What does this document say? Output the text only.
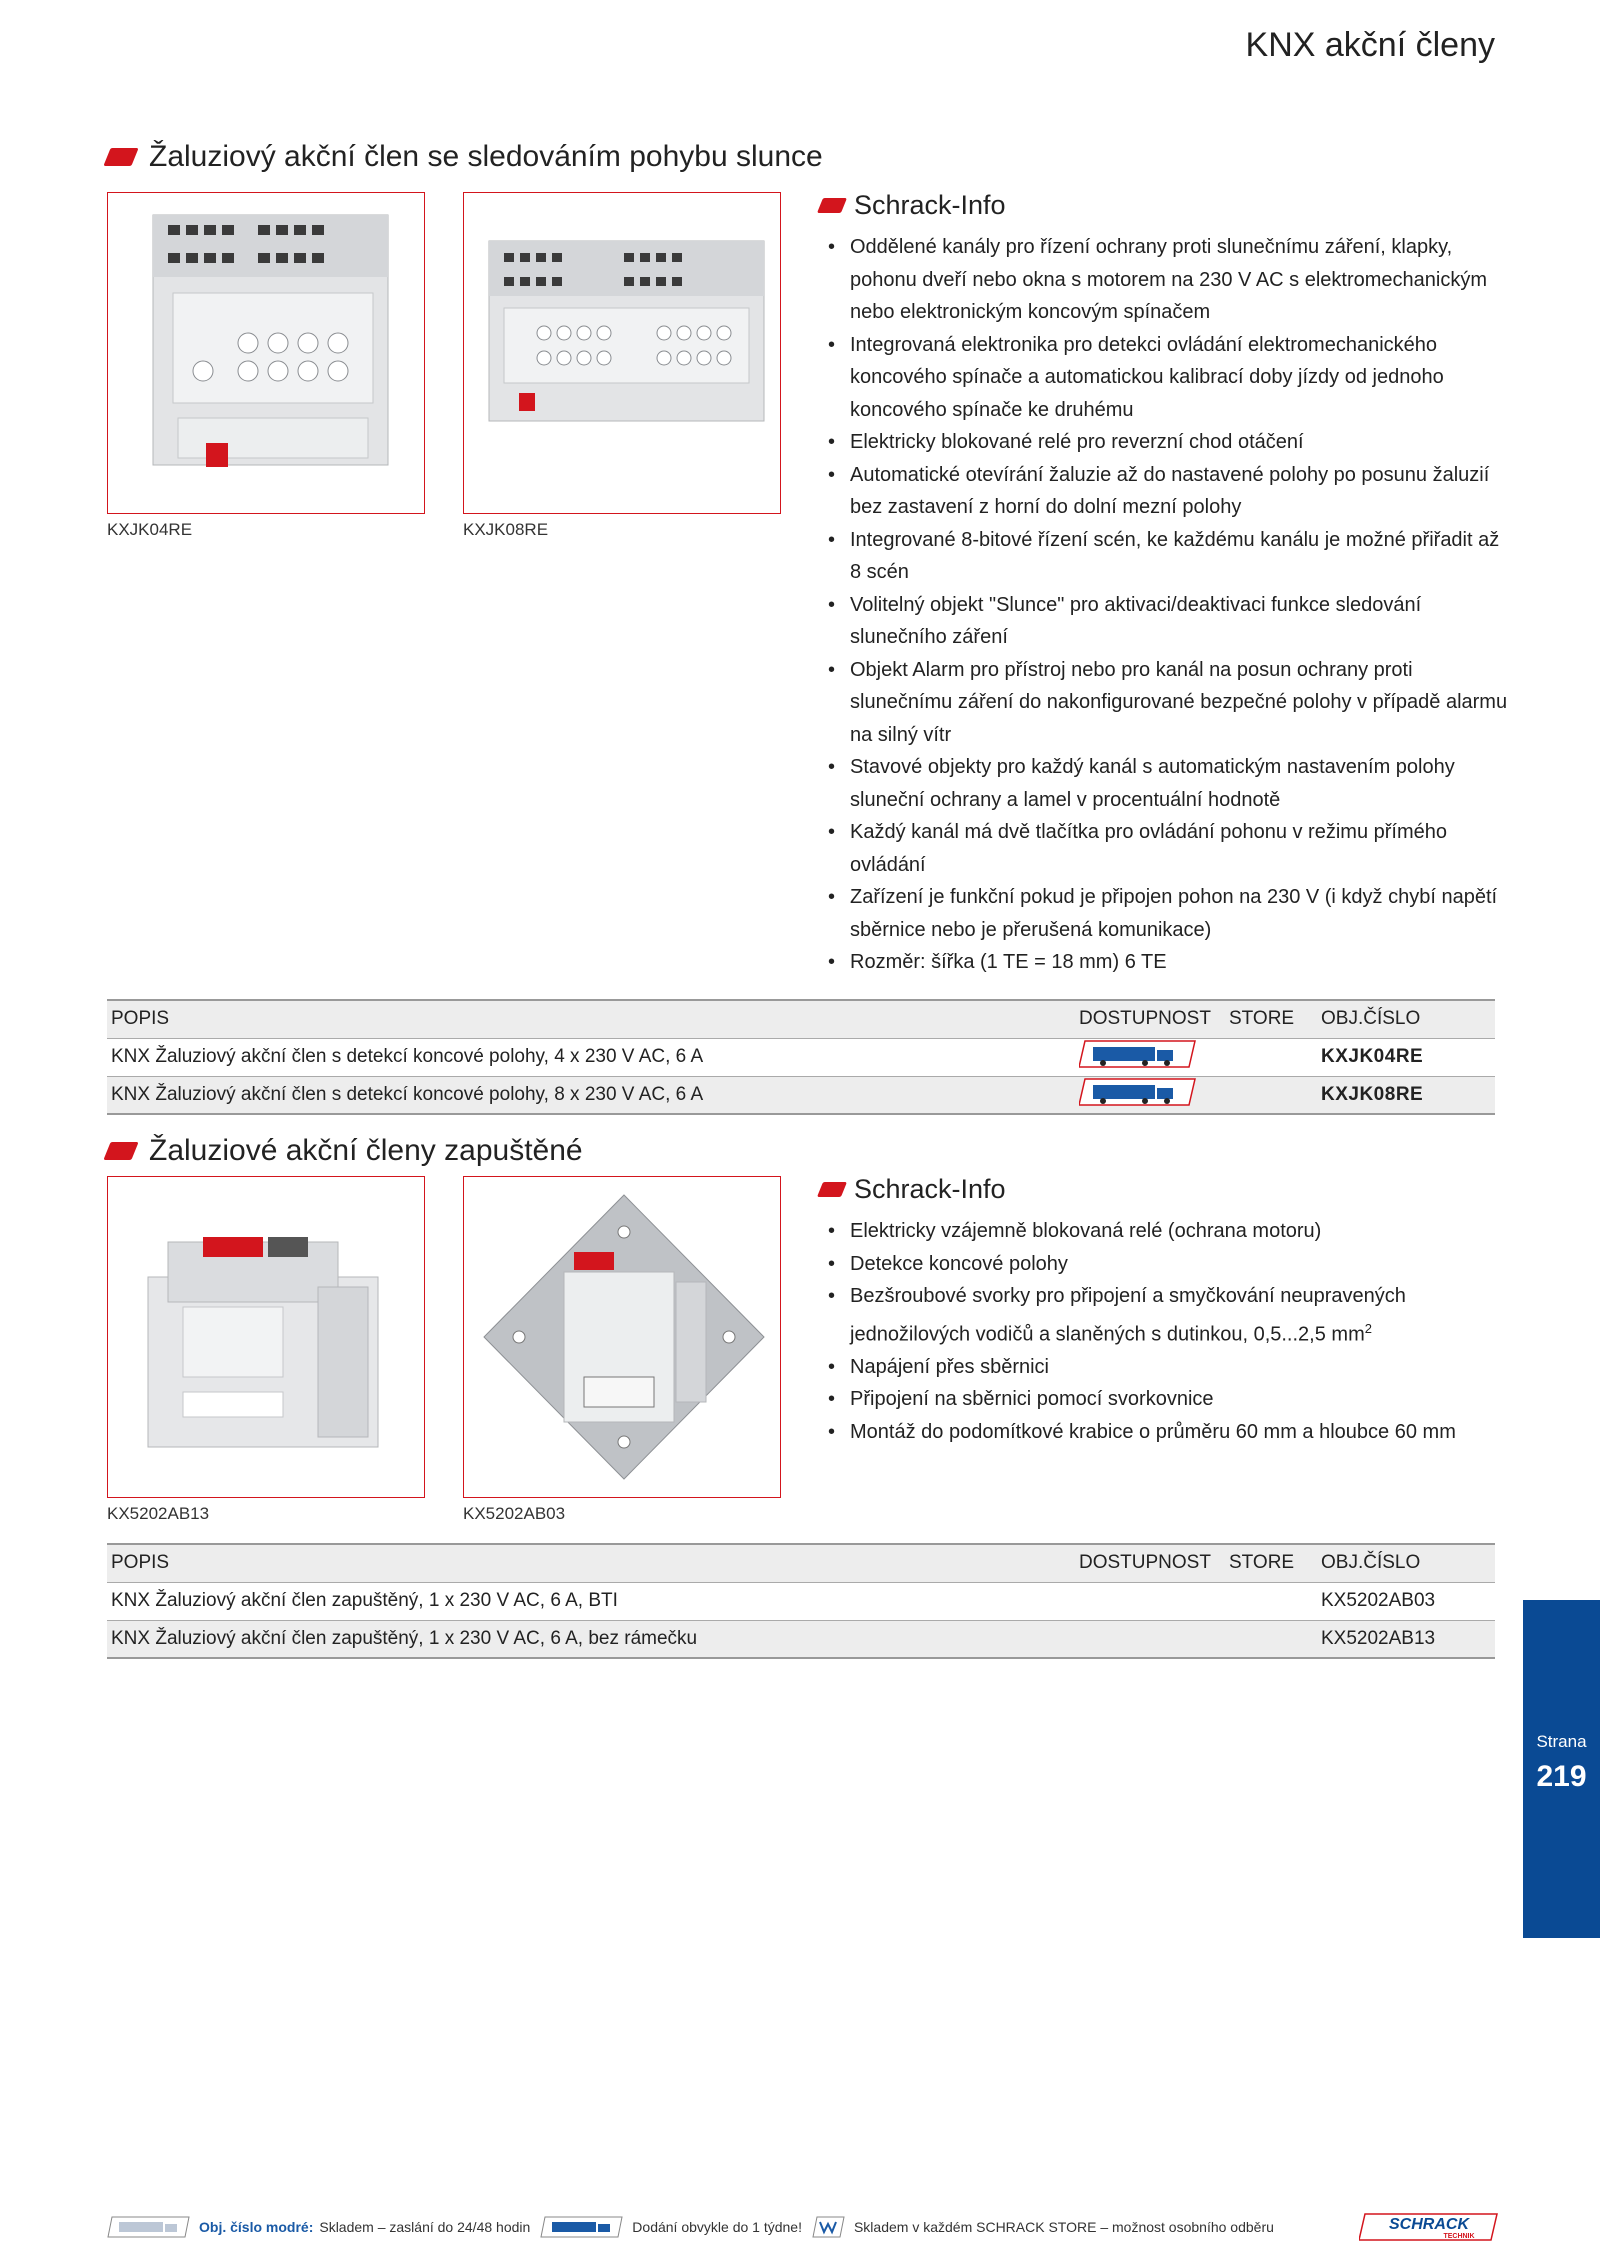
KNX akční členy
Žaluziový akční člen se sledováním pohybu slunce
KXJK04RE	KXJK08RE
Schrack-Info
• Oddělené kanály pro řízení ochrany proti slunečnímu záření, klapky, pohonu dveří nebo okna s motorem na 230 V AC s elektromechanickým nebo elektronickým koncovým spínačem
• Integrovaná elektronika pro detekci ovládání elektromechanického koncového spínače a automatickou kalibrací doby jízdy od jednoho koncového spínače ke druhému
• Elektricky blokované relé pro reverzní chod otáčení
• Automatické otevírání žaluzie až do nastavené polohy po posunu žaluzií bez zastavení z horní do dolní mezní polohy
• Integrované 8-bitové řízení scén, ke každému kanálu je možné přiřadit až 8 scén
• Volitelný objekt "Slunce" pro aktivaci/deaktivaci funkce sledování slunečního záření
• Objekt Alarm pro přístroj nebo pro kanál na posun ochrany proti slunečnímu záření do nakonfigurované bezpečné polohy v případě alarmu na silný vítr
• Stavové objekty pro každý kanál s automatickým nastavením polohy sluneční ochrany a lamel v procentuální hodnotě
• Každý kanál má dvě tlačítka pro ovládání pohonu v režimu přímého ovládání
• Zařízení je funkční pokud je připojen pohon na 230 V (i když chybí napětí sběrnice nebo je přerušená komunikace)
• Rozměr: šířka (1 TE = 18 mm) 6 TE
POPIS	DOSTUPNOST	STORE	OBJ.ČÍSLO
KNX Žaluziový akční člen s detekcí koncové polohy, 4 x 230 V AC, 6 A			KXJK04RE
KNX Žaluziový akční člen s detekcí koncové polohy, 8 x 230 V AC, 6 A			KXJK08RE
Žaluziové akční členy zapuštěné
KX5202AB13	KX5202AB03
Schrack-Info
• Elektricky vzájemně blokovaná relé (ochrana motoru)
• Detekce koncové polohy
• Bezšroubové svorky pro připojení a smyčkování neupravených jednožilových vodičů a slaněných s dutinkou, 0,5...2,5 $mm^2$
• Napájení přes sběrnici
• Připojení na sběrnici pomocí svorkovnice
• Montáž do podomítkové krabice o průměru 60 mm a hloubce 60 mm
POPIS	DOSTUPNOST	STORE	OBJ.ČÍSLO
KNX Žaluziový akční člen zapuštěný, 1 x 230 V AC, 6 A, BTI			KX5202AB03
KNX Žaluziový akční člen zapuštěný, 1 x 230 V AC, 6 A, bez rámečku			KX5202AB13
Strana
219
Obj. číslo modré: Skladem – zaslání do 24/48 hodin	Dodání obvykle do 1 týdne!	Skladem v každém SCHRACK STORE – možnost osobního odběru	SCHRACK
TECHNIK
